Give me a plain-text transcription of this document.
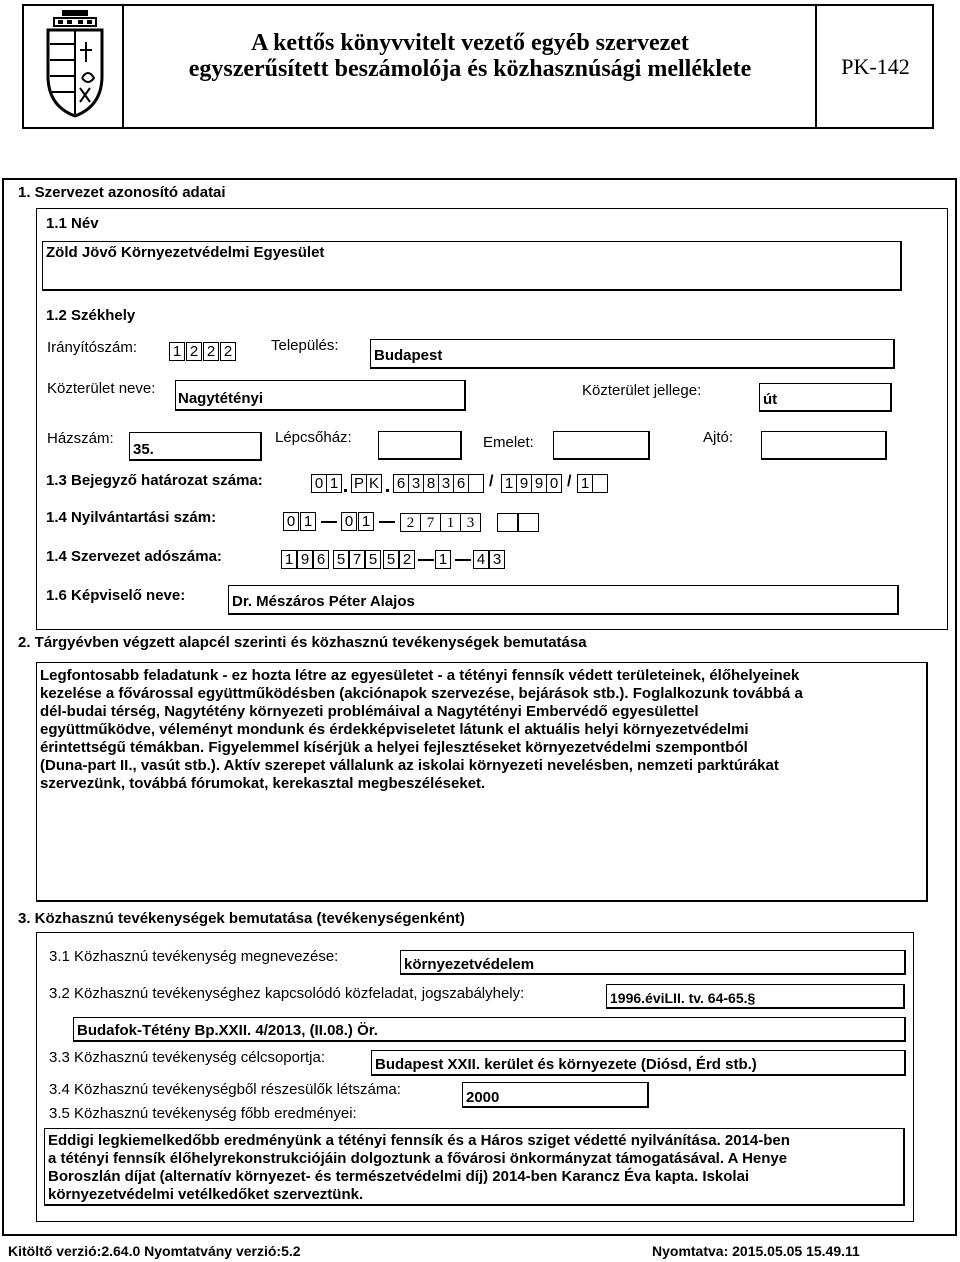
A kettős könyvvitelt vezető egyéb szervezet
egyszerűsített beszámolója és közhasznúsági melléklete	PK-142
1. Szervezet azonosító adatai
1.1 Név
Zöld Jövő Környezetvédelmi Egyesület
1.2 Székhely
Irányítószám: 1 2 2 2	Település:
Budapest
Közterület neve:
Nagytétényi	Közterület jellege:
út
Házszám:
35.
Lépcsőház:	Emelet:	Ajtó:
1.3 Bejegyző határozat száma:	0 1 P K 6 3 8 3 6 / 1 9 9 0 / 1
1.4 Nyilvántartási szám:	0 1 0 1	2 7 1 3
1.4 Szervezet adószáma:	1 9 6 5 7 5 5 2 1 4 3
1.6 Képviselő neve:	Dr. Mészáros Péter Alajos
2. Tárgyévben végzett alapcél szerinti és közhasznú tevékenységek bemutatása
Legfontosabb feladatunk - ez hozta létre az egyesületet - a tétényi fennsík védett területeinek, élőhelyeinek
kezelése a fővárossal együttműködésben (akciónapok szervezése, bejárások stb.). Foglalkozunk továbbá a
dél-budai térség, Nagytétény környezeti problémáival a Nagytétényi Embervédő egyesülettel
együttműködve, véleményt mondunk és érdekképviseletet látunk el aktuális helyi környezetvédelmi
érintettségű témákban. Figyelemmel kísérjük a helyei fejlesztéseket környezetvédelmi szempontból
(Duna-part II., vasút stb.). Aktív szerepet vállalunk az iskolai környezeti nevelésben, nemzeti parktúrákat
szervezünk, továbbá fórumokat, kerekasztal megbeszéléseket.
3. Közhasznú tevékenységek bemutatása (tevékenységenként)
3.1 Közhasznú tevékenység megnevezése:	környezetvédelem
3.2 Közhasznú tevékenységhez kapcsolódó közfeladat, jogszabályhely:	1996.éviLII. tv. 64-65.§
Budafok-Tétény Bp.XXII. 4/2013, (II.08.) Ör.
3.3 Közhasznú tevékenység célcsoportja:	Budapest XXII. kerület és környezete (Diósd, Érd stb.)
3.4 Közhasznú tevékenységből részesülők létszáma:	2000
3.5 Közhasznú tevékenység főbb eredményei:
Eddigi legkiemelkedőbb eredményünk a tétényi fennsík és a Háros sziget védetté nyilvánítása. 2014-ben
a tétényi fennsík élőhelyrekonstrukciójáin dolgoztunk a fővárosi önkormányzat támogatásával. A Henye
Boroszlán díjat (alternatív környezet- és természetvédelmi díj) 2014-ben Karancz Éva kapta. Iskolai
környezetvédelmi vetélkedőket szerveztünk.
Kitöltő verzió:2.64.0 Nyomtatvány verzió:5.2	Nyomtatva: 2015.05.05 15.49.11
